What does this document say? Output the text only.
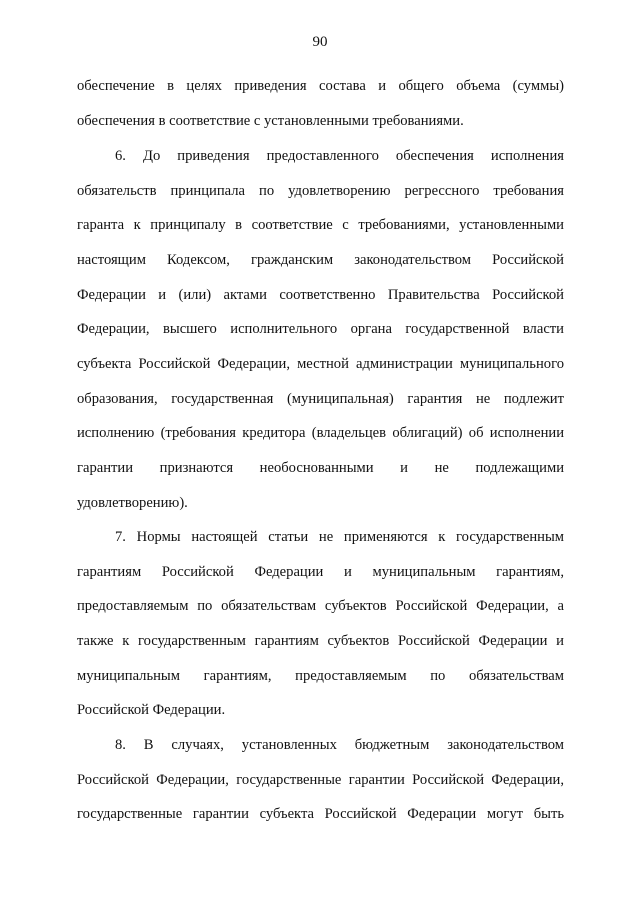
90
обеспечение в целях приведения состава и общего объема (суммы)
обеспечения в соответствие с установленными требованиями.
6. До приведения предоставленного обеспечения исполнения
обязательств принципала по удовлетворению регрессного требования
гаранта к принципалу в соответствие с требованиями, установленными
настоящим Кодексом, гражданским законодательством Российской
Федерации и (или) актами соответственно Правительства Российской
Федерации, высшего исполнительного органа государственной власти
субъекта Российской Федерации, местной администрации муниципального
образования, государственная (муниципальная) гарантия не подлежит
исполнению (требования кредитора (владельцев облигаций) об исполнении
гарантии признаются необоснованными и не подлежащими
удовлетворению).
7. Нормы настоящей статьи не применяются к государственным
гарантиям Российской Федерации и муниципальным гарантиям,
предоставляемым по обязательствам субъектов Российской Федерации, а
также к государственным гарантиям субъектов Российской Федерации и
муниципальным гарантиям, предоставляемым по обязательствам
Российской Федерации.
8. В случаях, установленных бюджетным законодательством
Российской Федерации, государственные гарантии Российской Федерации,
государственные гарантии субъекта Российской Федерации могут быть
